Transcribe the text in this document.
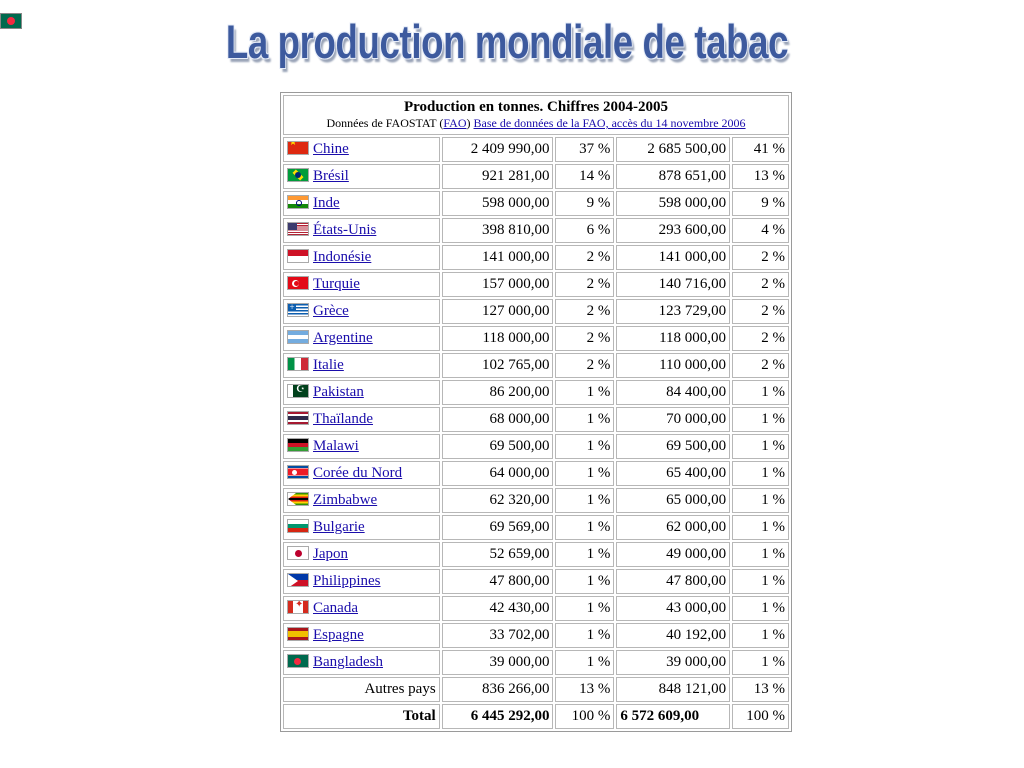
La production mondiale de tabac
Production en tonnes. Chiffres 2004-2005
Données de FAOSTAT (FAO) Base de données de la FAO, accès du 14 novembre 2006				

★Chine	2 409 990,00	37 %	2 685 500,00	41 %
Brésil	921 281,00	14 %	878 651,00	13 %
Inde	598 000,00	9 %	598 000,00	9 %
États-Unis	398 810,00	6 %	293 600,00	4 %
Indonésie	141 000,00	2 %	141 000,00	2 %
Turquie	157 000,00	2 %	140 716,00	2 %
+Grèce	127 000,00	2 %	123 729,00	2 %
Argentine	118 000,00	2 %	118 000,00	2 %
Italie	102 765,00	2 %	110 000,00	2 %
☪Pakistan	86 200,00	1 %	84 400,00	1 %
Thaïlande	68 000,00	1 %	70 000,00	1 %
Malawi	69 500,00	1 %	69 500,00	1 %
Corée du Nord	64 000,00	1 %	65 400,00	1 %
Zimbabwe	62 320,00	1 %	65 000,00	1 %
Bulgarie	69 569,00	1 %	62 000,00	1 %
Japon	52 659,00	1 %	49 000,00	1 %
Philippines	47 800,00	1 %	47 800,00	1 %
✦Canada	42 430,00	1 %	43 000,00	1 %
Espagne	33 702,00	1 %	40 192,00	1 %
Bangladesh	39 000,00	1 %	39 000,00	1 %
Autres pays	836 266,00	13 %	848 121,00	13 %
Total	6 445 292,00	100 %	6 572 609,00	100 %
